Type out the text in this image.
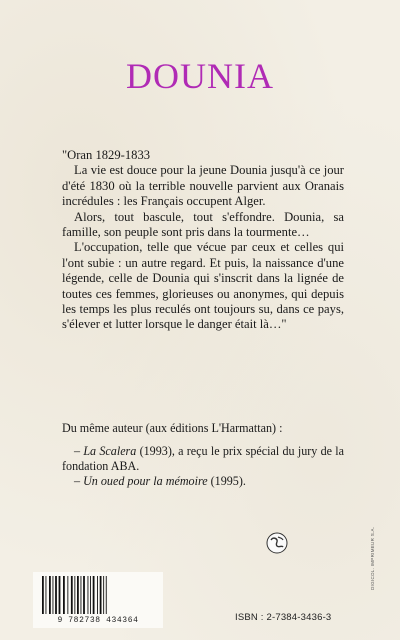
DOUNIA

"Oran 1829-1833

La vie est douce pour la jeune Dounia jusqu'à ce jour d'été 1830 où la terrible nouvelle parvient aux Oranais incrédules : les Français occupent Alger.

Alors, tout bascule, tout s'effondre. Dounia, sa famille, son peuple sont pris dans la tourmente…

L'occupation, telle que vécue par ceux et celles qui l'ont subie : un autre regard. Et puis, la naissance d'une légende, celle de Dounia qui s'inscrit dans la lignée de toutes ces femmes, glorieuses ou anonymes, qui depuis les temps les plus reculés ont toujours su, dans ce pays, s'élever et lutter lorsque le danger était là…"

Du même auteur (aux éditions L'Harmattan) :

– La Scalera (1993), a reçu le prix spécial du jury de la fondation ABA.

– Un oued pour la mémoire (1995).

DIGICOL. IMPRIMEUR S.A.
9 782738 434364	ISBN : 2-7384-3436-3
